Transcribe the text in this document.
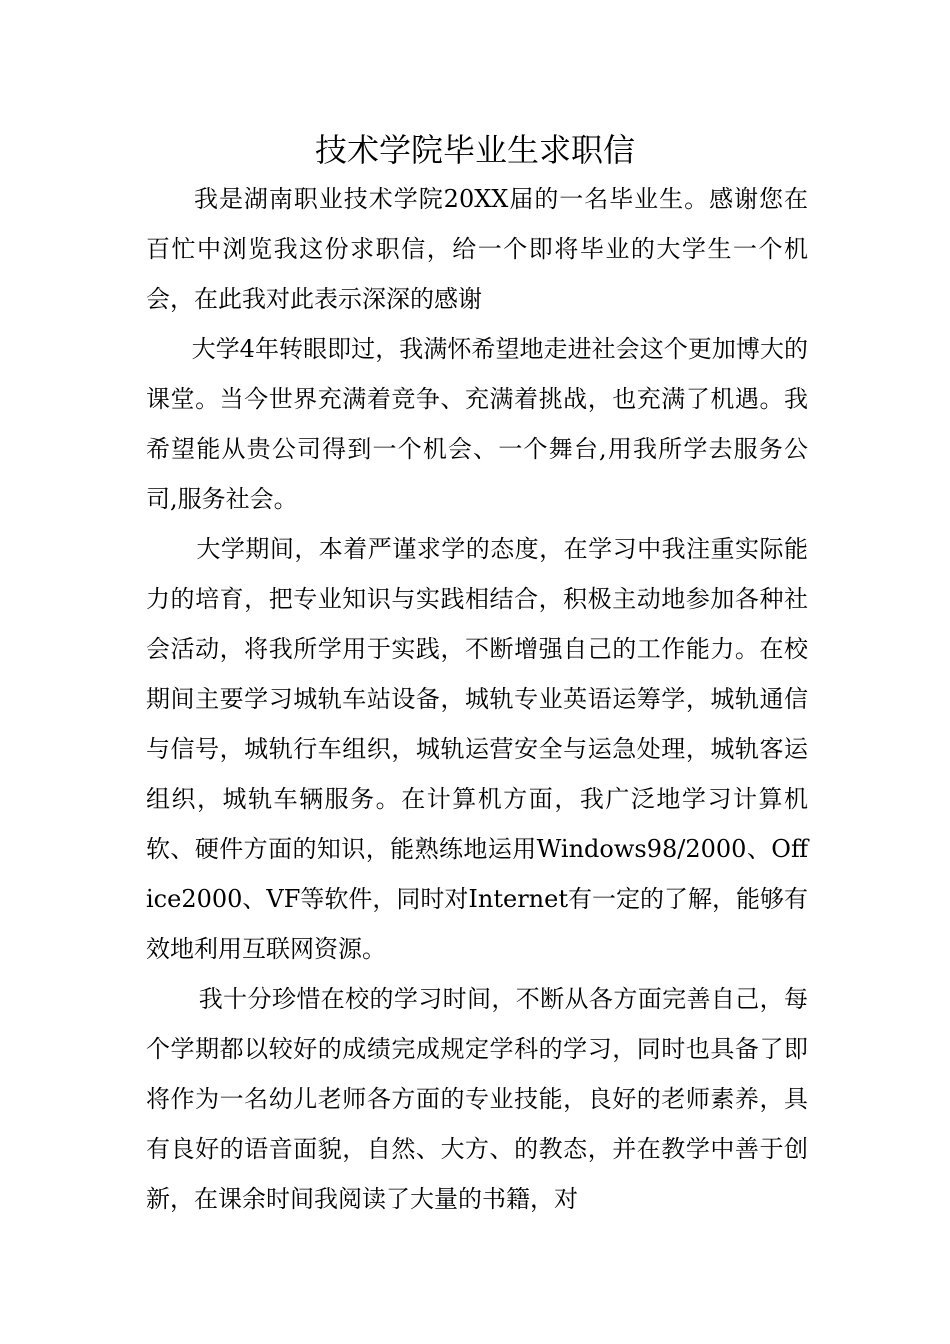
技术学院毕业生求职信

我是湖南职业技术学院20XX届的一名毕业生。感谢您在百忙中浏览我这份求职信，给一个即将毕业的大学生一个机会，在此我对此表示深深的感谢

大学4年转眼即过，我满怀希望地走进社会这个更加博大的课堂。当今世界充满着竞争、充满着挑战，也充满了机遇。我希望能从贵公司得到一个机会、一个舞台,用我所学去服务公司,服务社会。

大学期间，本着严谨求学的态度，在学习中我注重实际能力的培育，把专业知识与实践相结合，积极主动地参加各种社会活动，将我所学用于实践，不断增强自己的工作能力。在校期间主要学习城轨车站设备，城轨专业英语运筹学，城轨通信与信号，城轨行车组织，城轨运营安全与运急处理，城轨客运组织，城轨车辆服务。在计算机方面，我广泛地学习计算机软、硬件方面的知识，能熟练地运用Windows98/2000、Office2000、VF等软件，同时对Internet有一定的了解，能够有效地利用互联网资源。

我十分珍惜在校的学习时间，不断从各方面完善自己，每个学期都以较好的成绩完成规定学科的学习，同时也具备了即将作为一名幼儿老师各方面的专业技能，良好的老师素养，具有良好的语音面貌，自然、大方、的教态，并在教学中善于创新，在课余时间我阅读了大量的书籍，对
